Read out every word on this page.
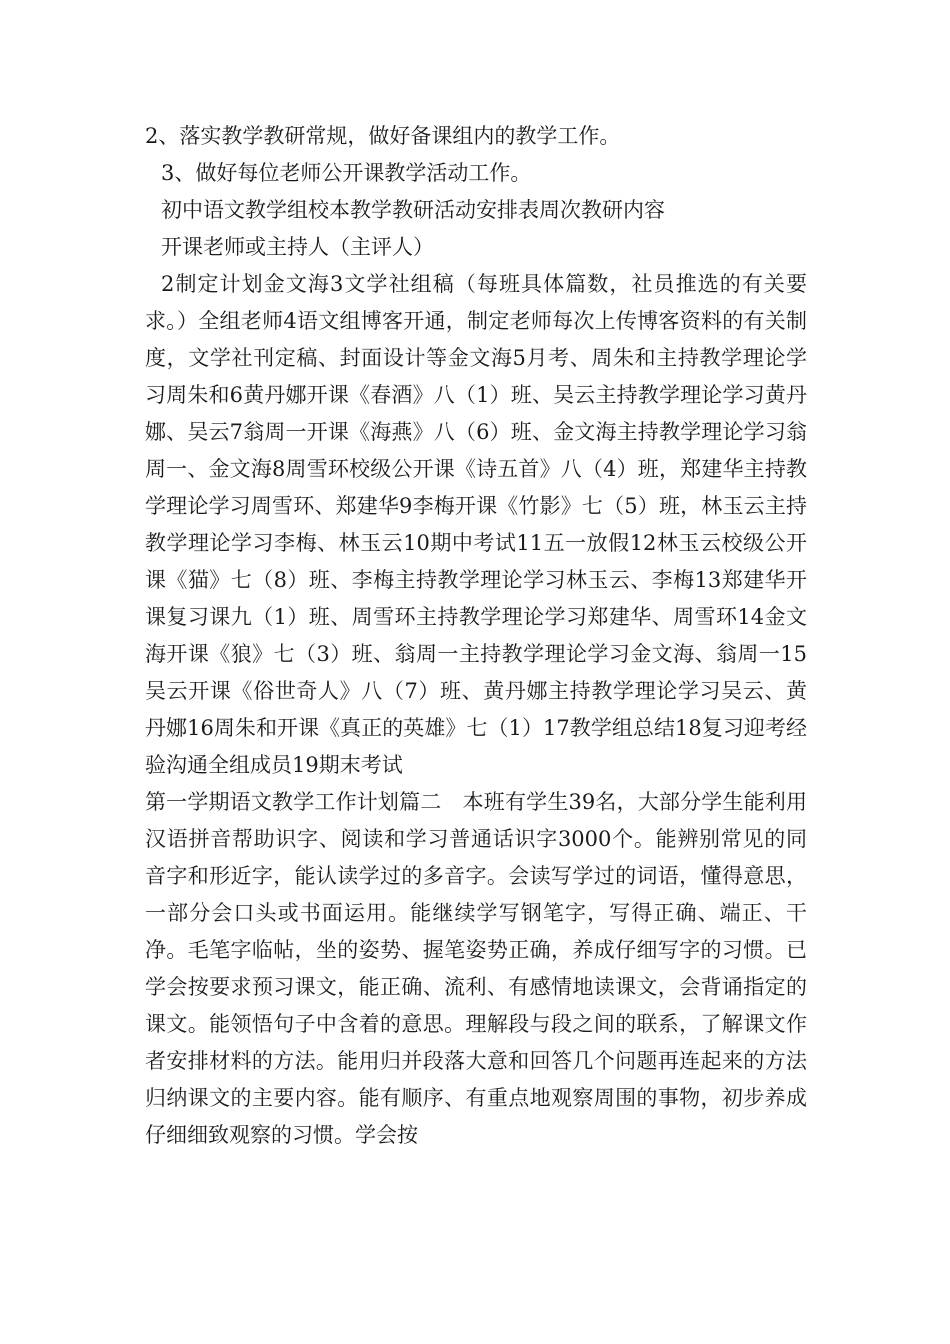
2、落实教学教研常规，做好备课组内的教学工作。

3、做好每位老师公开课教学活动工作。

初中语文教学组校本教学教研活动安排表周次教研内容

开课老师或主持人（主评人）

2制定计划金文海3文学社组稿（每班具体篇数，社员推选的有关要求。）全组老师4语文组博客开通，制定老师每次上传博客资料的有关制度，文学社刊定稿、封面设计等金文海5月考、周朱和主持教学理论学习周朱和6黄丹娜开课《春酒》八（1）班、吴云主持教学理论学习黄丹娜、吴云7翁周一开课《海燕》八（6）班、金文海主持教学理论学习翁周一、金文海8周雪环校级公开课《诗五首》八（4）班，郑建华主持教学理论学习周雪环、郑建华9李梅开课《竹影》七（5）班，林玉云主持教学理论学习李梅、林玉云10期中考试11五一放假12林玉云校级公开课《猫》七（8）班、李梅主持教学理论学习林玉云、李梅13郑建华开课复习课九（1）班、周雪环主持教学理论学习郑建华、周雪环14金文海开课《狼》七（3）班、翁周一主持教学理论学习金文海、翁周一15吴云开课《俗世奇人》八（7）班、黄丹娜主持教学理论学习吴云、黄丹娜16周朱和开课《真正的英雄》七（1）17教学组总结18复习迎考经验沟通全组成员19期末考试

第一学期语文教学工作计划篇二　本班有学生39名，大部分学生能利用汉语拼音帮助识字、阅读和学习普通话识字3000个。能辨别常见的同音字和形近字，能认读学过的多音字。会读写学过的词语，懂得意思，一部分会口头或书面运用。能继续学写钢笔字，写得正确、端正、干净。毛笔字临帖，坐的姿势、握笔姿势正确，养成仔细写字的习惯。已学会按要求预习课文，能正确、流利、有感情地读课文，会背诵指定的课文。能领悟句子中含着的意思。理解段与段之间的联系，了解课文作者安排材料的方法。能用归并段落大意和回答几个问题再连起来的方法归纳课文的主要内容。能有顺序、有重点地观察周围的事物，初步养成仔细细致观察的习惯。学会按
